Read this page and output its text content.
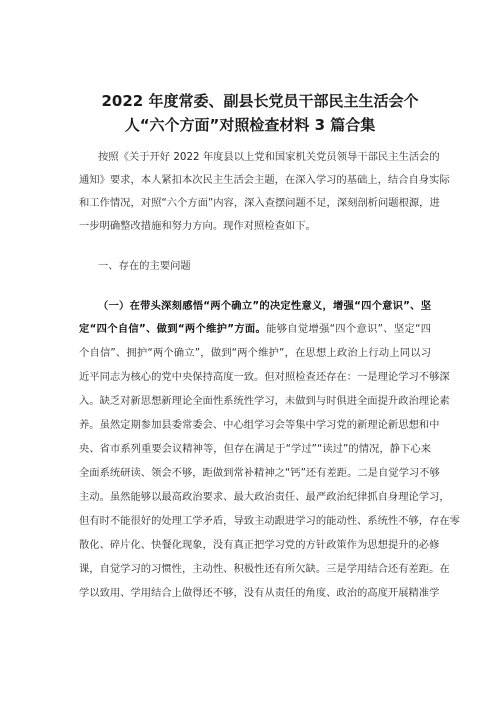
2022 年度常委、副县长党员干部民主生活会个
人“六个方面”对照检查材料 3 篇合集
按照《关于开好 2022 年度县以上党和国家机关党员领导干部民主生活会的
通知》要求，本人紧扣本次民主生活会主题，在深入学习的基础上，结合自身实际
和工作情况，对照“六个方面”内容，深入查摆问题不足，深刻剖析问题根源，进
一步明确整改措施和努力方向。现作对照检查如下。
一、存在的主要问题
（一）在带头深刻感悟“两个确立”的决定性意义，增强“四个意识”、坚
定“四个自信”、做到“两个维护”方面。能够自觉增强“四个意识”、坚定“四
个自信”、拥护“两个确立”，做到“两个维护”，在思想上政治上行动上同以习
近平同志为核心的党中央保持高度一致。但对照检查还存在：一是理论学习不够深
入。缺乏对新思想新理论全面性系统性学习，未做到与时俱进全面提升政治理论素
养。虽然定期参加县委常委会、中心组学习会等集中学习党的新理论新思想和中
央、省市系列重要会议精神等，但存在满足于“学过”“读过”的情况，静下心来
全面系统研读、领会不够，距做到常补精神之“钙”还有差距。二是自觉学习不够
主动。虽然能够以最高政治要求、最大政治责任、最严政治纪律抓自身理论学习，
但有时不能很好的处理工学矛盾，导致主动跟进学习的能动性、系统性不够，存在零
散化、碎片化、快餐化现象，没有真正把学习党的方针政策作为思想提升的必修
课，自觉学习的习惯性，主动性、积极性还有所欠缺。三是学用结合还有差距。在
学以致用、学用结合上做得还不够，没有从责任的角度、政治的高度开展精准学
